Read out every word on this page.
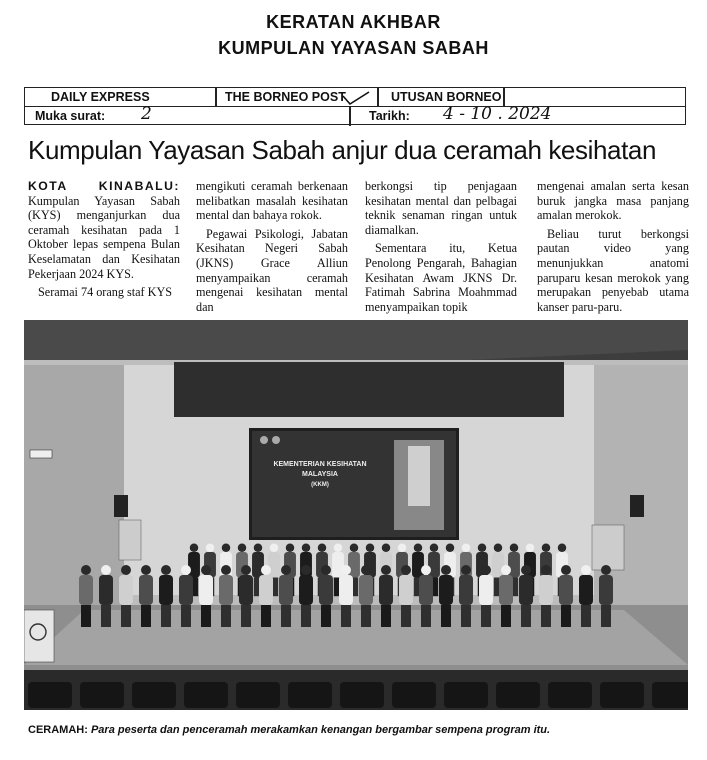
KERATAN AKHBAR
KUMPULAN YAYASAN SABAH
DAILY EXPRESS	THE BORNEO POST	UTUSAN BORNEO
Muka surat: 2	Tarikh: 4 - 10 . 2024
Kumpulan Yayasan Sabah anjur dua ceramah kesihatan

KOTA KINABALU: Kumpulan Yayasan Sabah (KYS) menganjurkan dua ceramah kesihatan pada 1 Oktober lepas sempena Bulan Keselamatan dan Kesihatan Pekerjaan 2024 KYS.

Seramai 74 orang staf KYS

mengikuti ceramah berkenaan melibatkan masalah kesihatan mental dan bahaya rokok.

Pegawai Psikologi, Jabatan Kesihatan Negeri Sabah (JKNS) Grace Alliun menyampaikan ceramah mengenai kesihatan mental dan

berkongsi tip penjagaan kesihatan mental dan pelbagai teknik senaman ringan untuk diamalkan.

Sementara itu, Ketua Penolong Pengarah, Bahagian Kesihatan Awam JKNS Dr. Fatimah Sabrina Moahmmad menyampaikan topik

mengenai amalan serta kesan buruk jangka masa panjang amalan merokok.

Beliau turut berkongsi pautan video yang menunjukkan anatomi paruparu kesan merokok yang merupakan penyebab utama kanser paru-paru.

KEMENTERIAN KESIHATAN
MALAYSIA
(KKM)
CERAMAH: Para peserta dan penceramah merakamkan kenangan bergambar sempena program itu.
